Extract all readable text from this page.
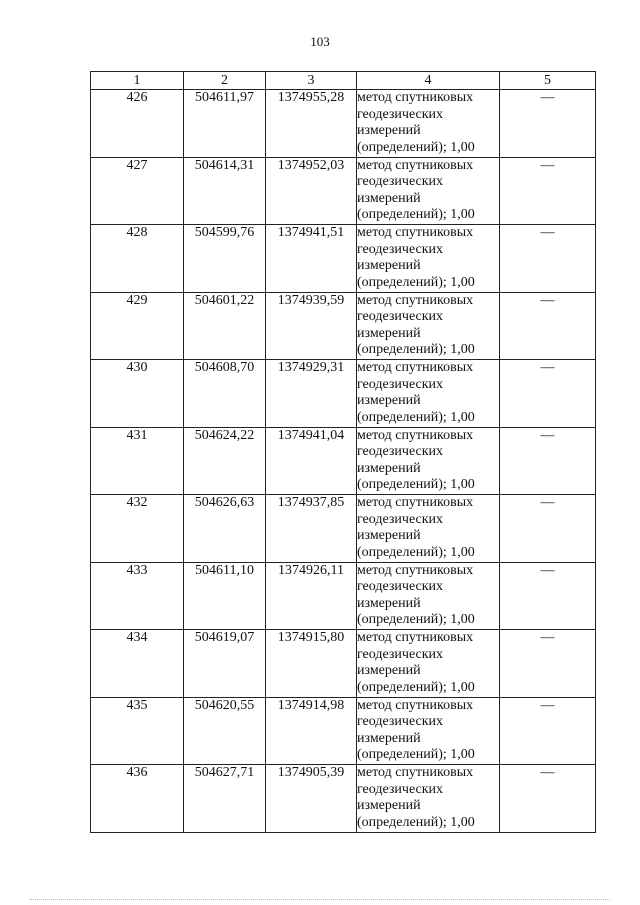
103
1	2	3	4	5
426	504611,97	1374955,28	метод спутниковых геодезических измерений (определений); 1,00	—
427	504614,31	1374952,03	метод спутниковых геодезических измерений (определений); 1,00	—
428	504599,76	1374941,51	метод спутниковых геодезических измерений (определений); 1,00	—
429	504601,22	1374939,59	метод спутниковых геодезических измерений (определений); 1,00	—
430	504608,70	1374929,31	метод спутниковых геодезических измерений (определений); 1,00	—
431	504624,22	1374941,04	метод спутниковых геодезических измерений (определений); 1,00	—
432	504626,63	1374937,85	метод спутниковых геодезических измерений (определений); 1,00	—
433	504611,10	1374926,11	метод спутниковых геодезических измерений (определений); 1,00	—
434	504619,07	1374915,80	метод спутниковых геодезических измерений (определений); 1,00	—
435	504620,55	1374914,98	метод спутниковых геодезических измерений (определений); 1,00	—
436	504627,71	1374905,39	метод спутниковых геодезических измерений (определений); 1,00	—
